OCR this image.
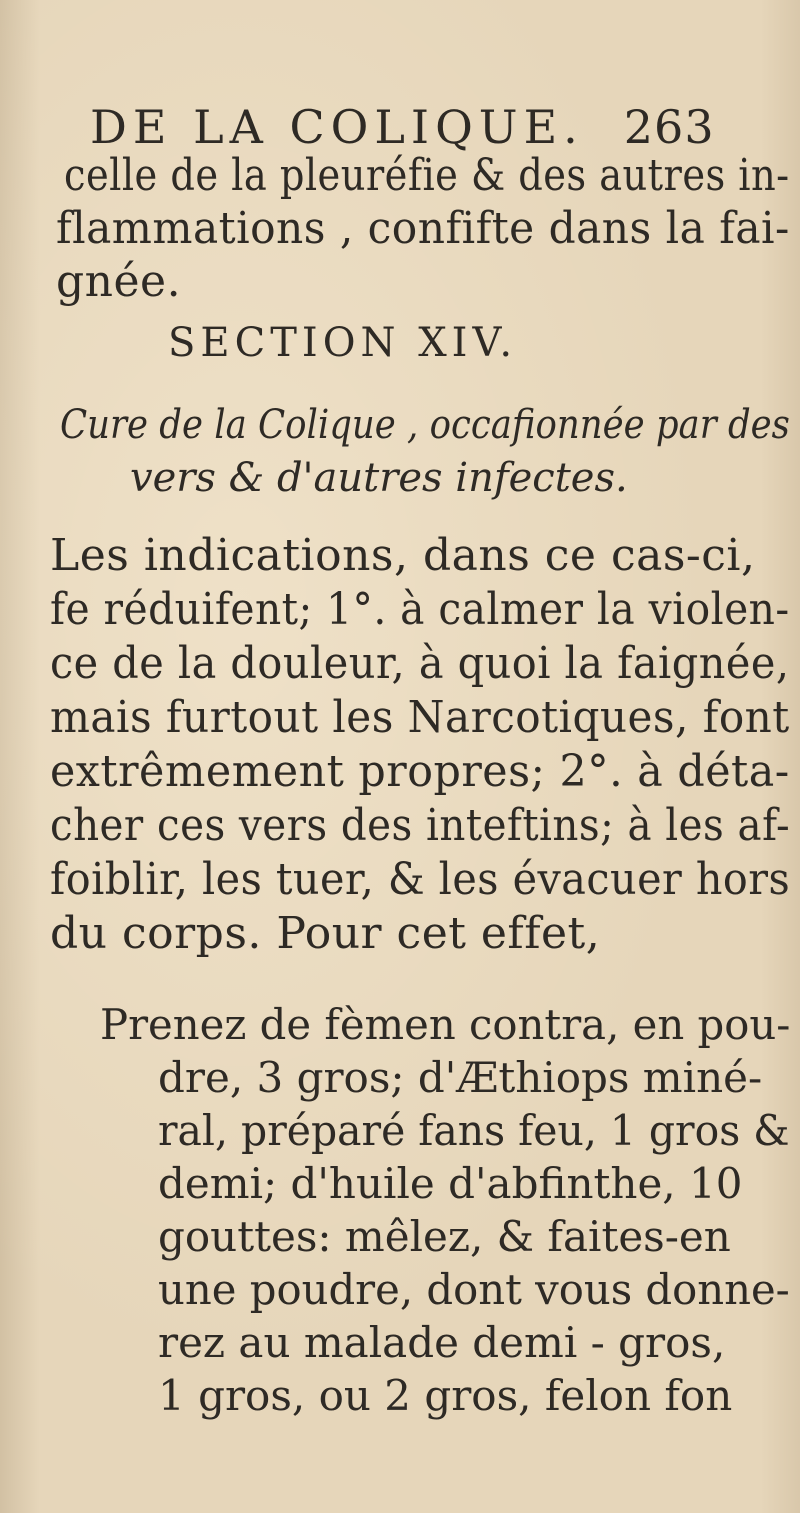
DE LA COLIQUE. 263
celle de la pleuréfie & des autres in-
flammations , confifte dans la fai-
gnée.
SECTION XIV.
Cure de la Colique , occafionnée par des
vers & d'autres infectes.
Les indications, dans ce cas-ci,
fe réduifent; 1°. à calmer la violen-
ce de la douleur, à quoi la faignée,
mais furtout les Narcotiques, font
extrêmement propres; 2°. à déta-
cher ces vers des inteftins; à les af-
foiblir, les tuer, & les évacuer hors
du corps. Pour cet effet,
Prenez de fèmen contra, en pou-
dre, 3 gros; d'Æthiops miné-
ral, préparé fans feu, 1 gros &
demi; d'huile d'abfinthe, 10
gouttes: mêlez, & faites-en
une poudre, dont vous donne-
rez au malade demi - gros,
1 gros, ou 2 gros, felon fon
